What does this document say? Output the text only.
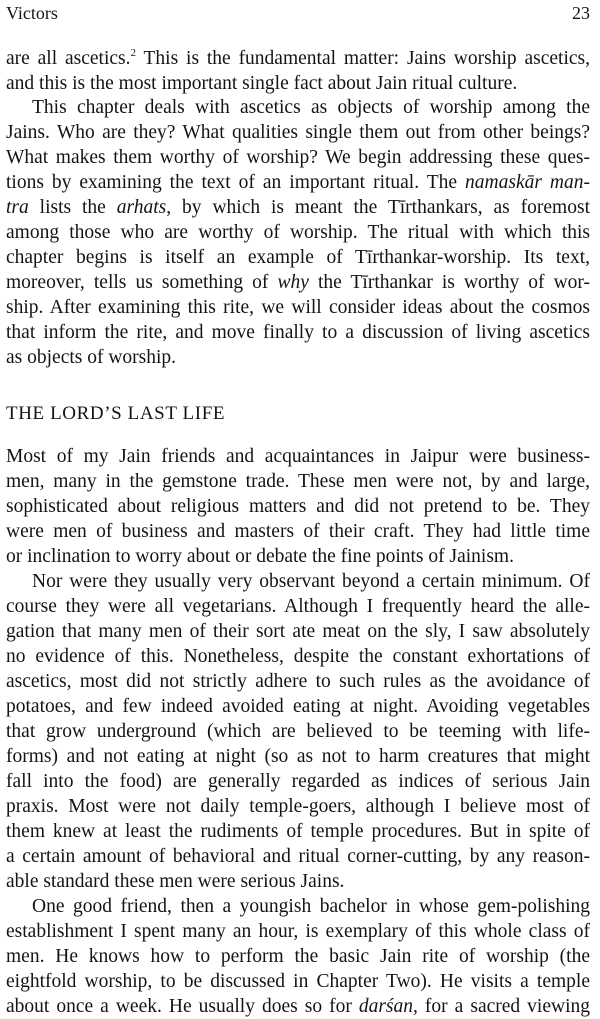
Victors	23
are all ascetics.$^2$ This is the fundamental matter: Jains worship ascetics,
and this is the most important single fact about Jain ritual culture.
This chapter deals with ascetics as objects of worship among the
Jains. Who are they? What qualities single them out from other beings?
What makes them worthy of worship? We begin addressing these ques-
tions by examining the text of an important ritual. The namaskār man-
tra lists the arhats, by which is meant the Tīrthankars, as foremost
among those who are worthy of worship. The ritual with which this
chapter begins is itself an example of Tīrthankar-worship. Its text,
moreover, tells us something of why the Tīrthankar is worthy of wor-
ship. After examining this rite, we will consider ideas about the cosmos
that inform the rite, and move finally to a discussion of living ascetics
as objects of worship.
THE LORD’S LAST LIFE
Most of my Jain friends and acquaintances in Jaipur were business-
men, many in the gemstone trade. These men were not, by and large,
sophisticated about religious matters and did not pretend to be. They
were men of business and masters of their craft. They had little time
or inclination to worry about or debate the fine points of Jainism.
Nor were they usually very observant beyond a certain minimum. Of
course they were all vegetarians. Although I frequently heard the alle-
gation that many men of their sort ate meat on the sly, I saw absolutely
no evidence of this. Nonetheless, despite the constant exhortations of
ascetics, most did not strictly adhere to such rules as the avoidance of
potatoes, and few indeed avoided eating at night. Avoiding vegetables
that grow underground (which are believed to be teeming with life-
forms) and not eating at night (so as not to harm creatures that might
fall into the food) are generally regarded as indices of serious Jain
praxis. Most were not daily temple-goers, although I believe most of
them knew at least the rudiments of temple procedures. But in spite of
a certain amount of behavioral and ritual corner-cutting, by any reason-
able standard these men were serious Jains.
One good friend, then a youngish bachelor in whose gem-polishing
establishment I spent many an hour, is exemplary of this whole class of
men. He knows how to perform the basic Jain rite of worship (the
eightfold worship, to be discussed in Chapter Two). He visits a temple
about once a week. He usually does so for darśan, for a sacred viewing
